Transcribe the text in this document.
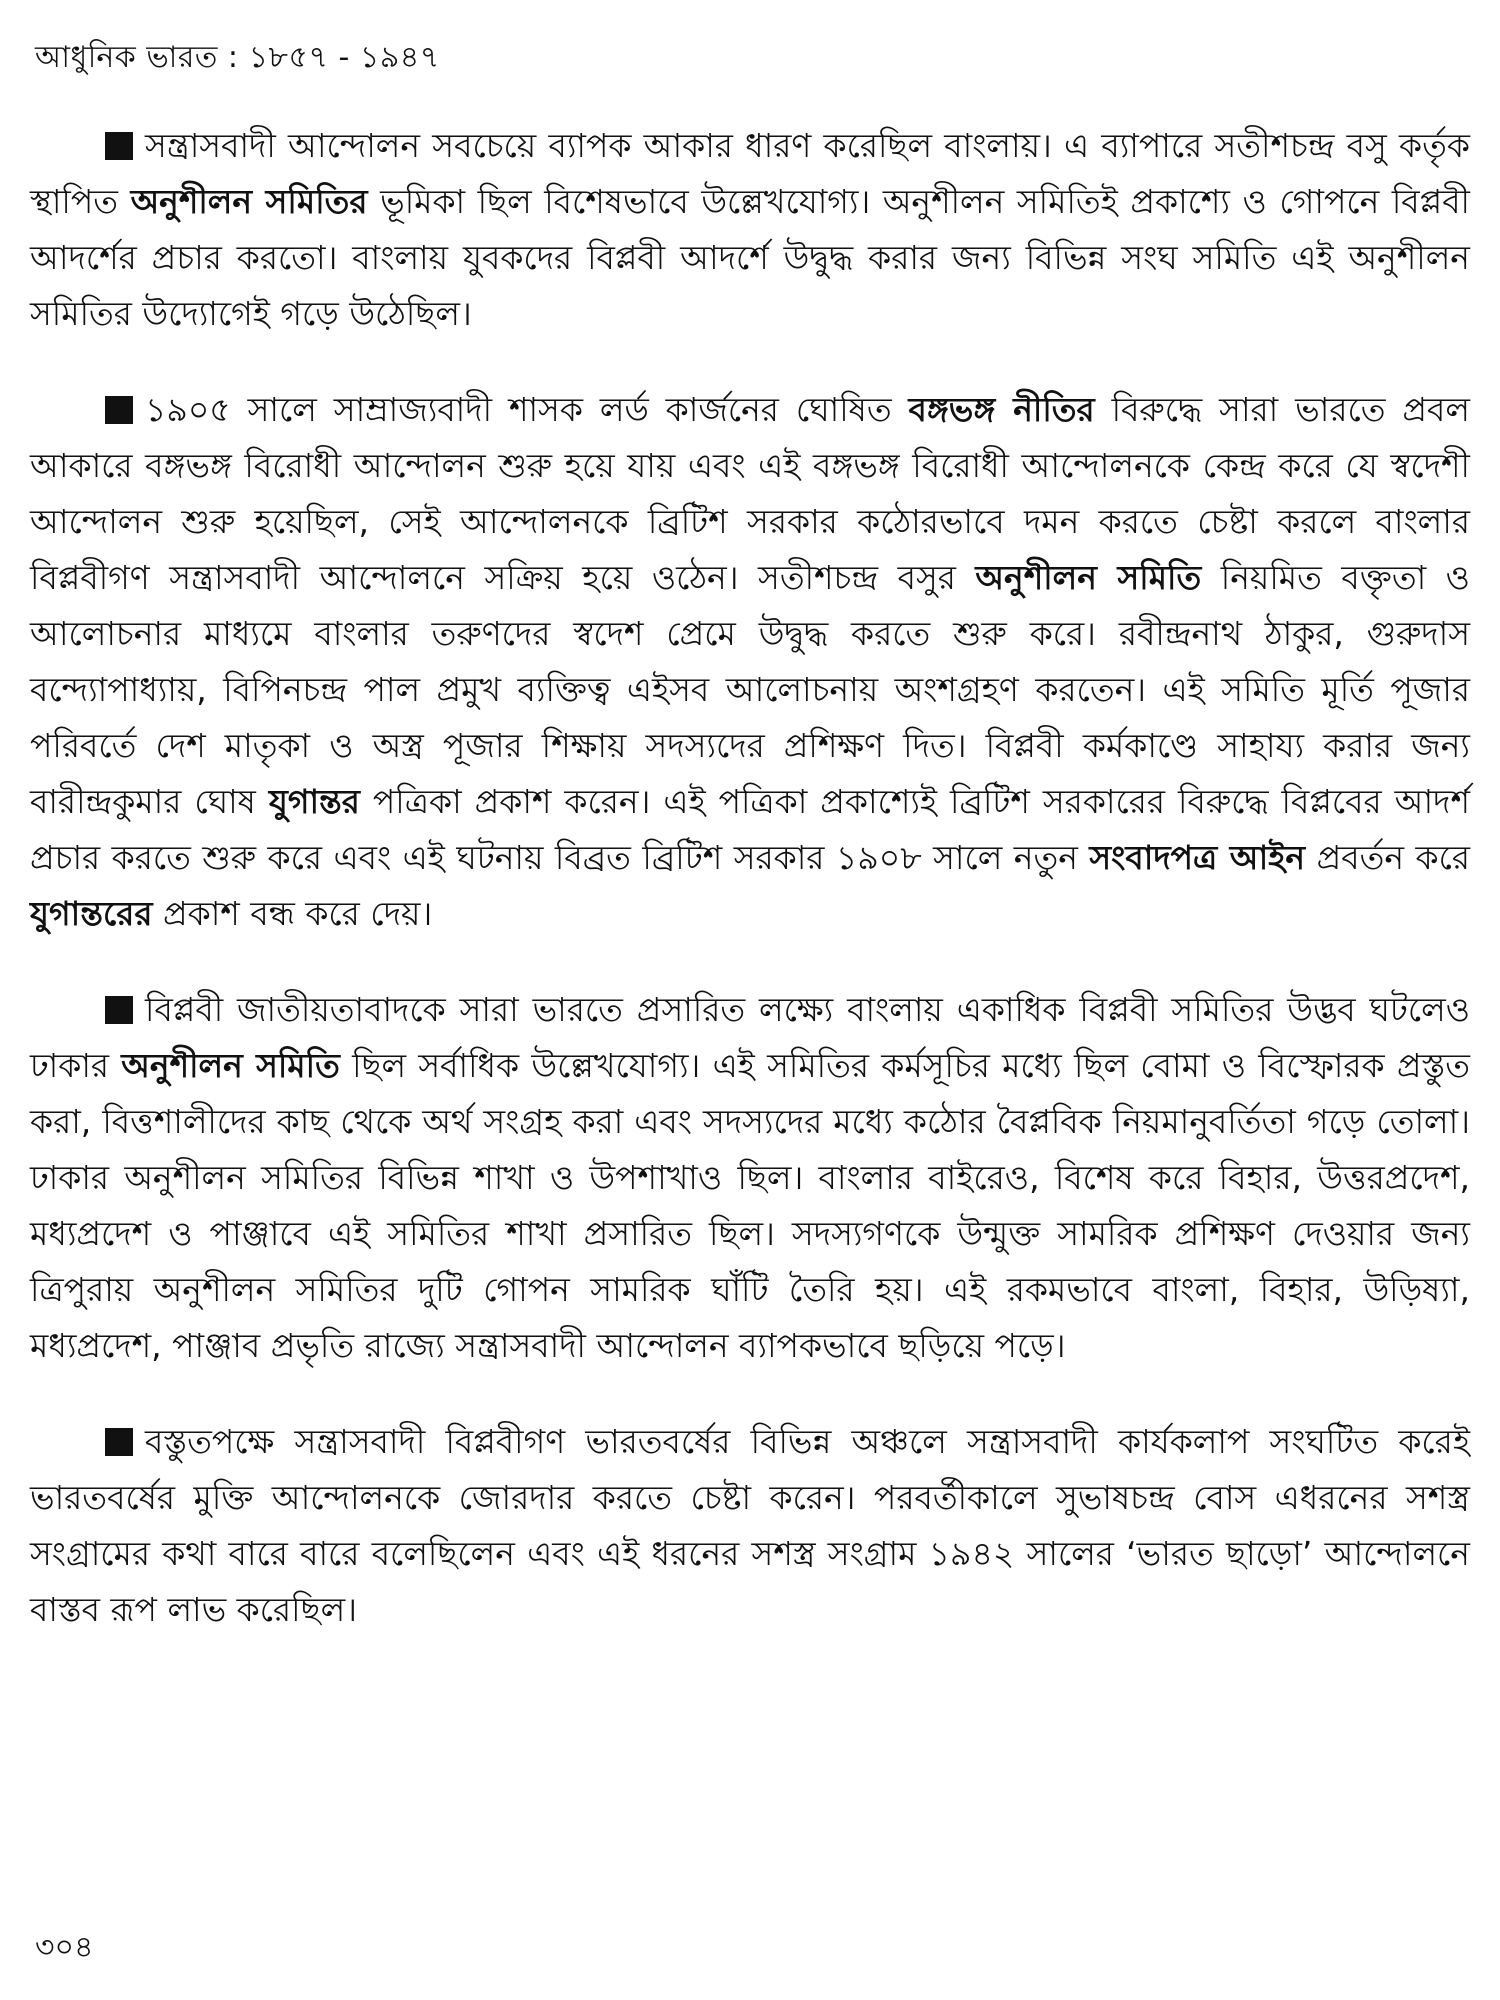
আধুনিক ভারত : ১৮৫৭ - ১৯৪৭

সন্ত্রাসবাদী আন্দোলন সবচেয়ে ব্যাপক আকার ধারণ করেছিল বাংলায়। এ ব্যাপারে সতীশচন্দ্র বসু কর্তৃক স্থাপিত অনুশীলন সমিতির ভূমিকা ছিল বিশেষভাবে উল্লেখযোগ্য। অনুশীলন সমিতিই প্রকাশ্যে ও গোপনে বিপ্লবী আদর্শের প্রচার করতো। বাংলায় যুবকদের বিপ্লবী আদর্শে উদ্বুদ্ধ করার জন্য বিভিন্ন সংঘ সমিতি এই অনুশীলন সমিতির উদ্যোগেই গড়ে উঠেছিল।

১৯০৫ সালে সাম্রাজ্যবাদী শাসক লর্ড কার্জনের ঘোষিত বঙ্গভঙ্গ নীতির বিরুদ্ধে সারা ভারতে প্রবল আকারে বঙ্গভঙ্গ বিরোধী আন্দোলন শুরু হয়ে যায় এবং এই বঙ্গভঙ্গ বিরোধী আন্দোলনকে কেন্দ্র করে যে স্বদেশী আন্দোলন শুরু হয়েছিল, সেই আন্দোলনকে ব্রিটিশ সরকার কঠোরভাবে দমন করতে চেষ্টা করলে বাংলার বিপ্লবীগণ সন্ত্রাসবাদী আন্দোলনে সক্রিয় হয়ে ওঠেন। সতীশচন্দ্র বসুর অনুশীলন সমিতি নিয়মিত বক্তৃতা ও আলোচনার মাধ্যমে বাংলার তরুণদের স্বদেশ প্রেমে উদ্বুদ্ধ করতে শুরু করে। রবীন্দ্রনাথ ঠাকুর, গুরুদাস বন্দ্যোপাধ্যায়, বিপিনচন্দ্র পাল প্রমুখ ব্যক্তিত্ব এইসব আলোচনায় অংশগ্রহণ করতেন। এই সমিতি মূর্তি পূজার পরিবর্তে দেশ মাতৃকা ও অস্ত্র পূজার শিক্ষায় সদস্যদের প্রশিক্ষণ দিত। বিপ্লবী কর্মকাণ্ডে সাহায্য করার জন্য বারীন্দ্রকুমার ঘোষ যুগান্তর পত্রিকা প্রকাশ করেন। এই পত্রিকা প্রকাশ্যেই ব্রিটিশ সরকারের বিরুদ্ধে বিপ্লবের আদর্শ প্রচার করতে শুরু করে এবং এই ঘটনায় বিব্রত ব্রিটিশ সরকার ১৯০৮ সালে নতুন সংবাদপত্র আইন প্রবর্তন করে যুগান্তরের প্রকাশ বন্ধ করে দেয়।

বিপ্লবী জাতীয়তাবাদকে সারা ভারতে প্রসারিত লক্ষ্যে বাংলায় একাধিক বিপ্লবী সমিতির উদ্ভব ঘটলেও ঢাকার অনুশীলন সমিতি ছিল সর্বাধিক উল্লেখযোগ্য। এই সমিতির কর্মসূচির মধ্যে ছিল বোমা ও বিস্ফোরক প্রস্তুত করা, বিত্তশালীদের কাছ থেকে অর্থ সংগ্রহ করা এবং সদস্যদের মধ্যে কঠোর বৈপ্লবিক নিয়মানুবর্তিতা গড়ে তোলা। ঢাকার অনুশীলন সমিতির বিভিন্ন শাখা ও উপশাখাও ছিল। বাংলার বাইরেও, বিশেষ করে বিহার, উত্তরপ্রদেশ, মধ্যপ্রদেশ ও পাঞ্জাবে এই সমিতির শাখা প্রসারিত ছিল। সদস্যগণকে উন্মুক্ত সামরিক প্রশিক্ষণ দেওয়ার জন্য ত্রিপুরায় অনুশীলন সমিতির দুটি গোপন সামরিক ঘাঁটি তৈরি হয়। এই রকমভাবে বাংলা, বিহার, উড়িষ্যা, মধ্যপ্রদেশ, পাঞ্জাব প্রভৃতি রাজ্যে সন্ত্রাসবাদী আন্দোলন ব্যাপকভাবে ছড়িয়ে পড়ে।

বস্তুতপক্ষে সন্ত্রাসবাদী বিপ্লবীগণ ভারতবর্ষের বিভিন্ন অঞ্চলে সন্ত্রাসবাদী কার্যকলাপ সংঘটিত করেই ভারতবর্ষের মুক্তি আন্দোলনকে জোরদার করতে চেষ্টা করেন। পরবর্তীকালে সুভাষচন্দ্র বোস এধরনের সশস্ত্র সংগ্রামের কথা বারে বারে বলেছিলেন এবং এই ধরনের সশস্ত্র সংগ্রাম ১৯৪২ সালের ‘ভারত ছাড়ো’ আন্দোলনে বাস্তব রূপ লাভ করেছিল।

৩০৪
